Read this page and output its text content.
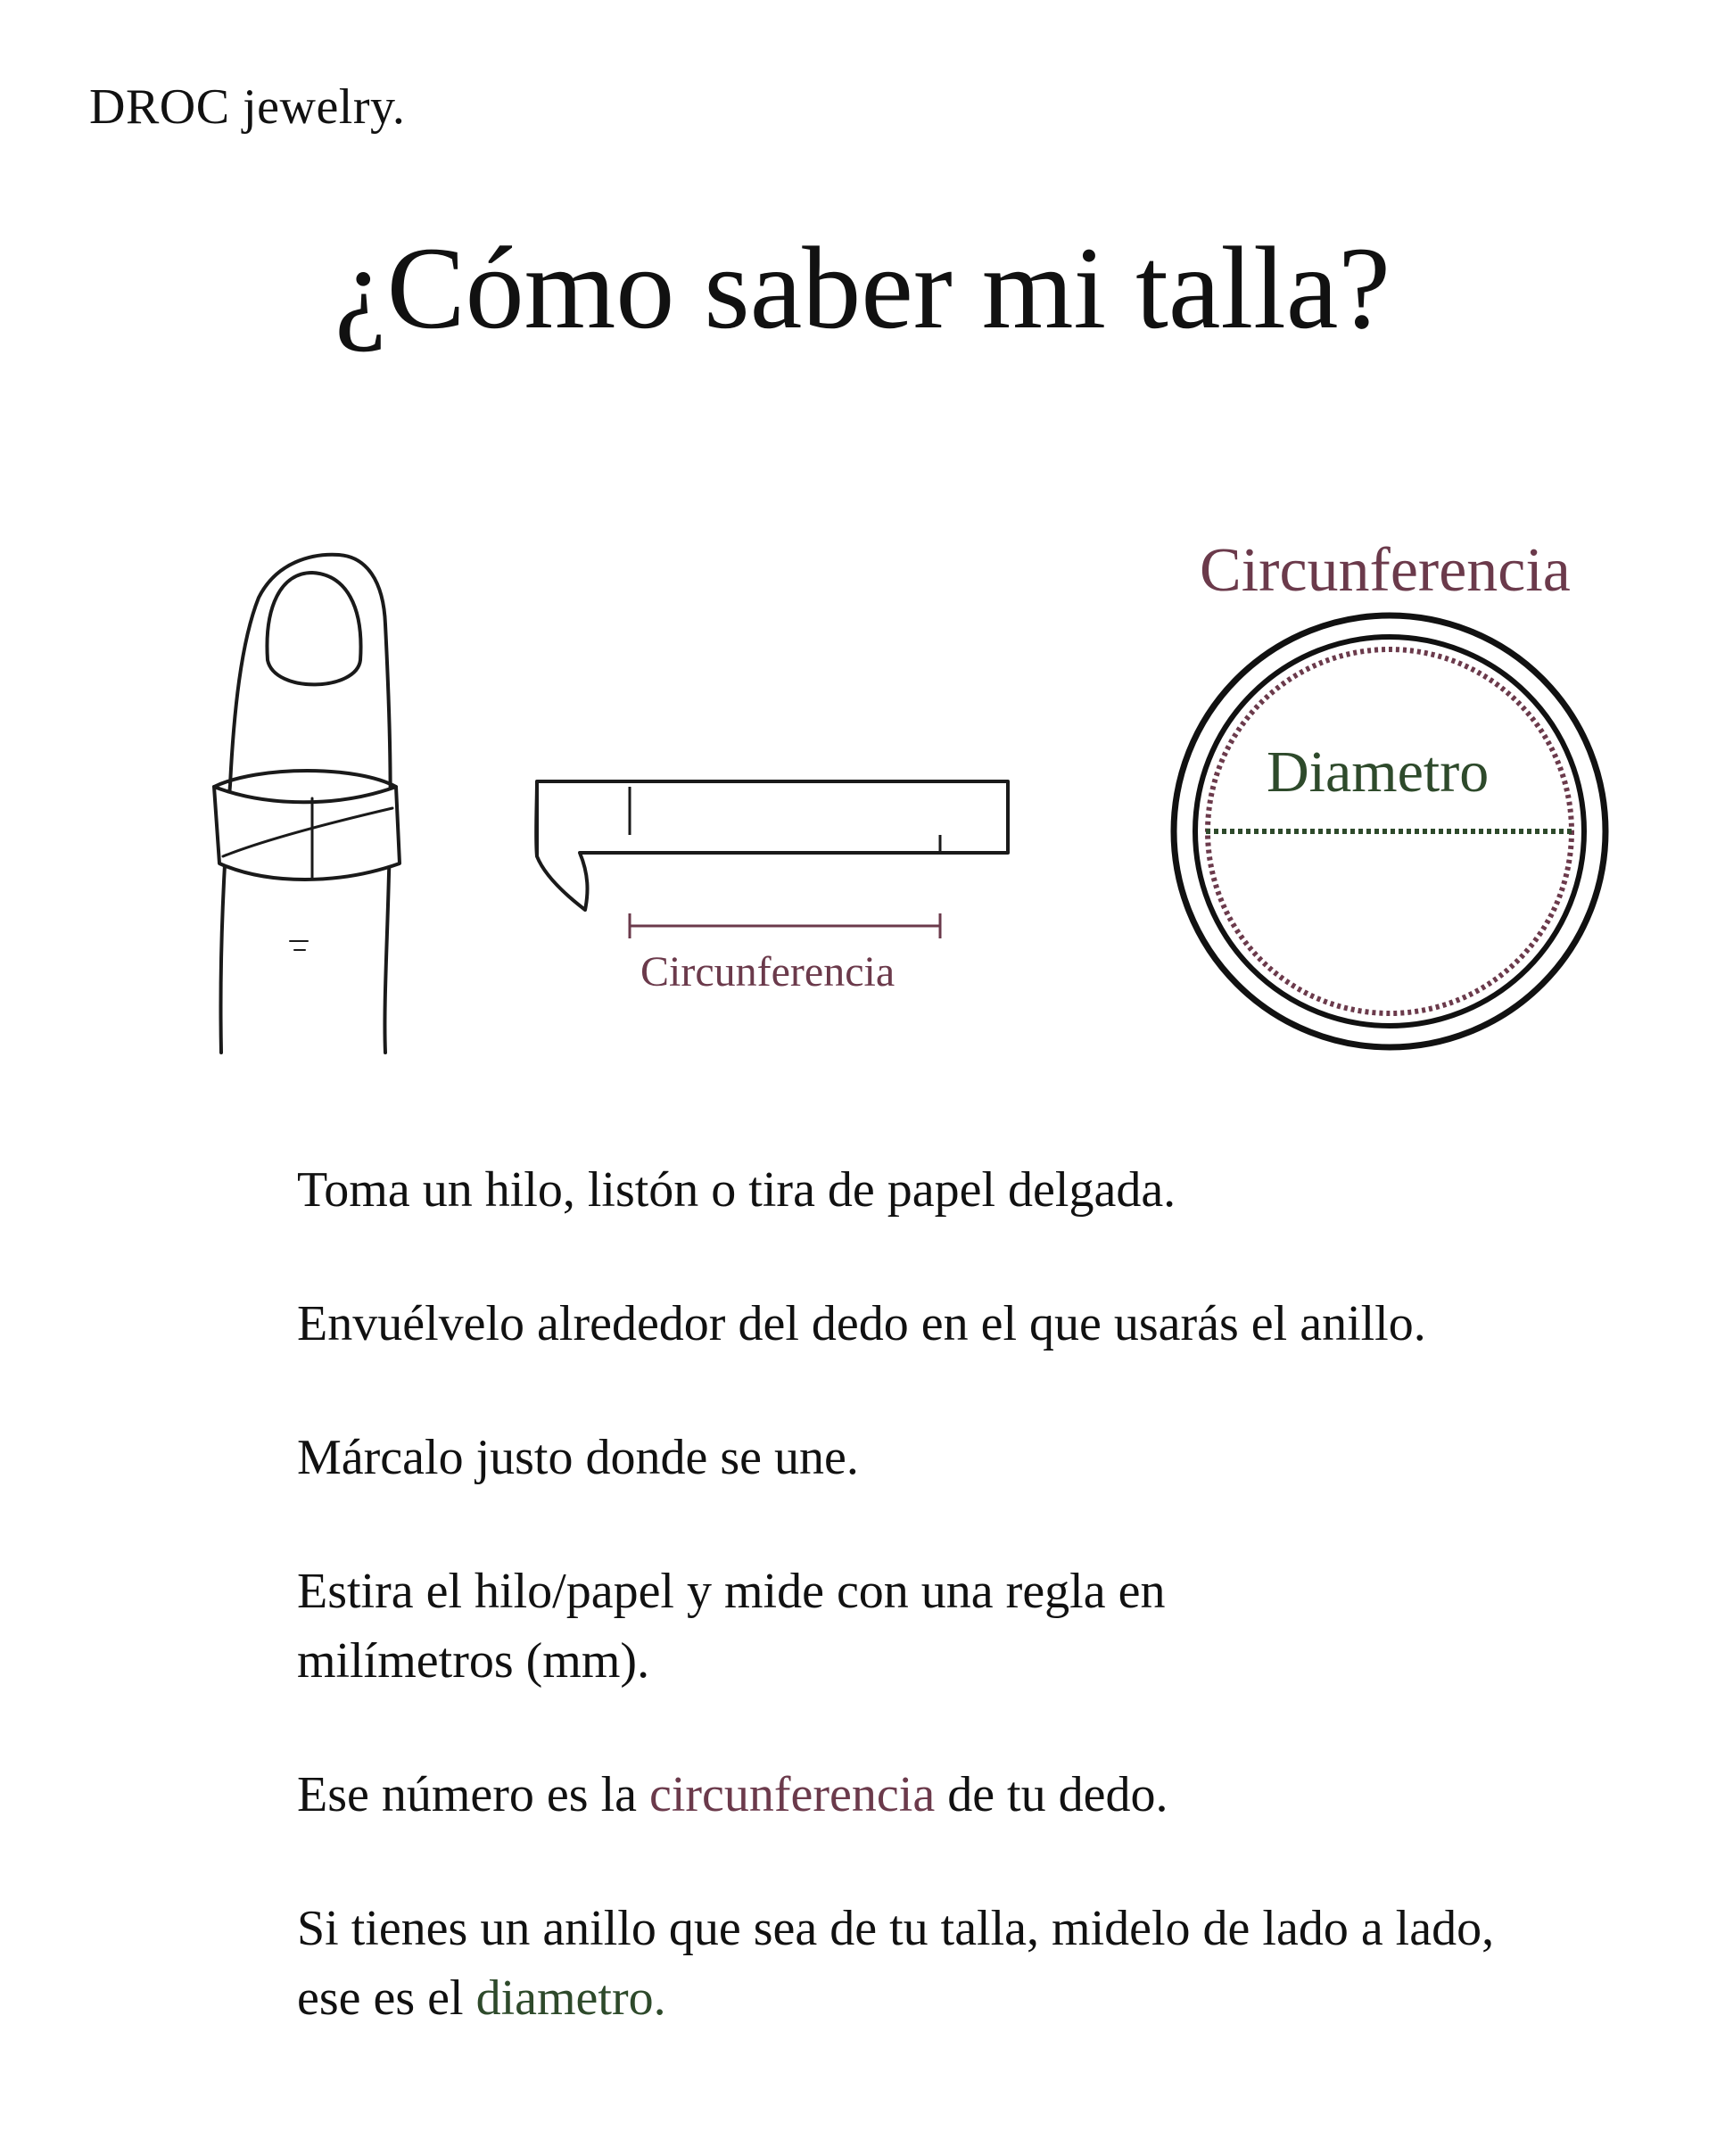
DROC jewelry.
¿Cómo saber mi talla?
Circunferencia
Diametro
Circunferencia

Toma un hilo, listón o tira de papel delgada.

Envuélvelo alrededor del dedo en el que usarás el anillo.

Márcalo justo donde se une.

Estira el hilo/papel y mide con una regla en milímetros (mm).

Ese número es la circunferencia de tu dedo.

Si tienes un anillo que sea de tu talla, midelo de lado a lado, ese es el diametro.
